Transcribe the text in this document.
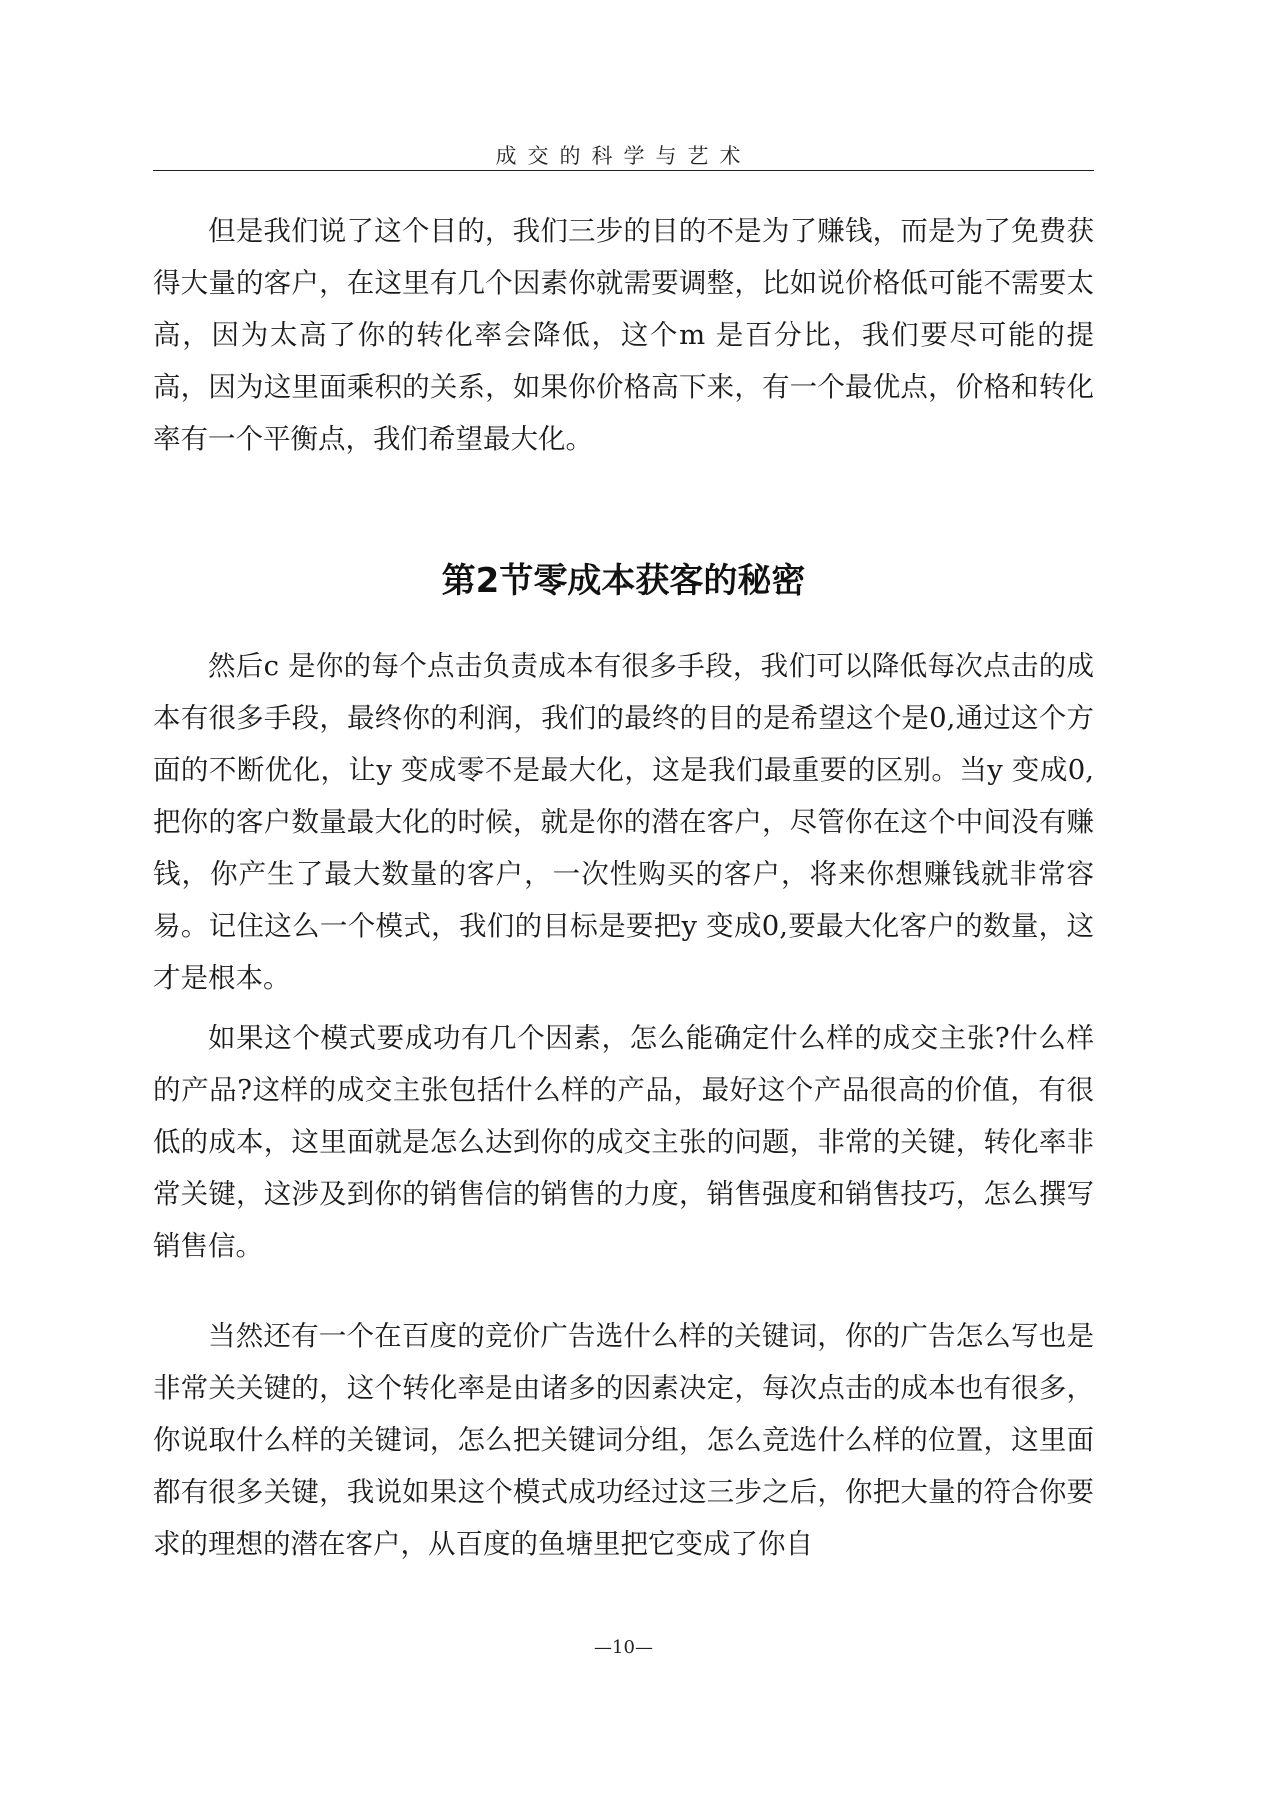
成交的科学与艺术

但是我们说了这个目的，我们三步的目的不是为了赚钱，而是为了免费获得大量的客户，在这里有几个因素你就需要调整，比如说价格低可能不需要太高，因为太高了你的转化率会降低，这个m 是百分比，我们要尽可能的提高，因为这里面乘积的关系，如果你价格高下来，有一个最优点，价格和转化率有一个平衡点，我们希望最大化。

第2节零成本获客的秘密

然后c 是你的每个点击负责成本有很多手段，我们可以降低每次点击的成本有很多手段，最终你的利润，我们的最终的目的是希望这个是0,通过这个方面的不断优化，让y 变成零不是最大化，这是我们最重要的区别。当y 变成0,把你的客户数量最大化的时候，就是你的潜在客户，尽管你在这个中间没有赚钱，你产生了最大数量的客户，一次性购买的客户，将来你想赚钱就非常容易。记住这么一个模式，我们的目标是要把y 变成0,要最大化客户的数量，这才是根本。

如果这个模式要成功有几个因素，怎么能确定什么样的成交主张?什么样的产品?这样的成交主张包括什么样的产品，最好这个产品很高的价值，有很低的成本，这里面就是怎么达到你的成交主张的问题，非常的关键，转化率非常关键，这涉及到你的销售信的销售的力度，销售强度和销售技巧，怎么撰写销售信。

当然还有一个在百度的竞价广告选什么样的关键词，你的广告怎么写也是非常关关键的，这个转化率是由诸多的因素决定，每次点击的成本也有很多，你说取什么样的关键词，怎么把关键词分组，怎么竞选什么样的位置，这里面都有很多关键，我说如果这个模式成功经过这三步之后，你把大量的符合你要求的理想的潜在客户，从百度的鱼塘里把它变成了你自

—10—
